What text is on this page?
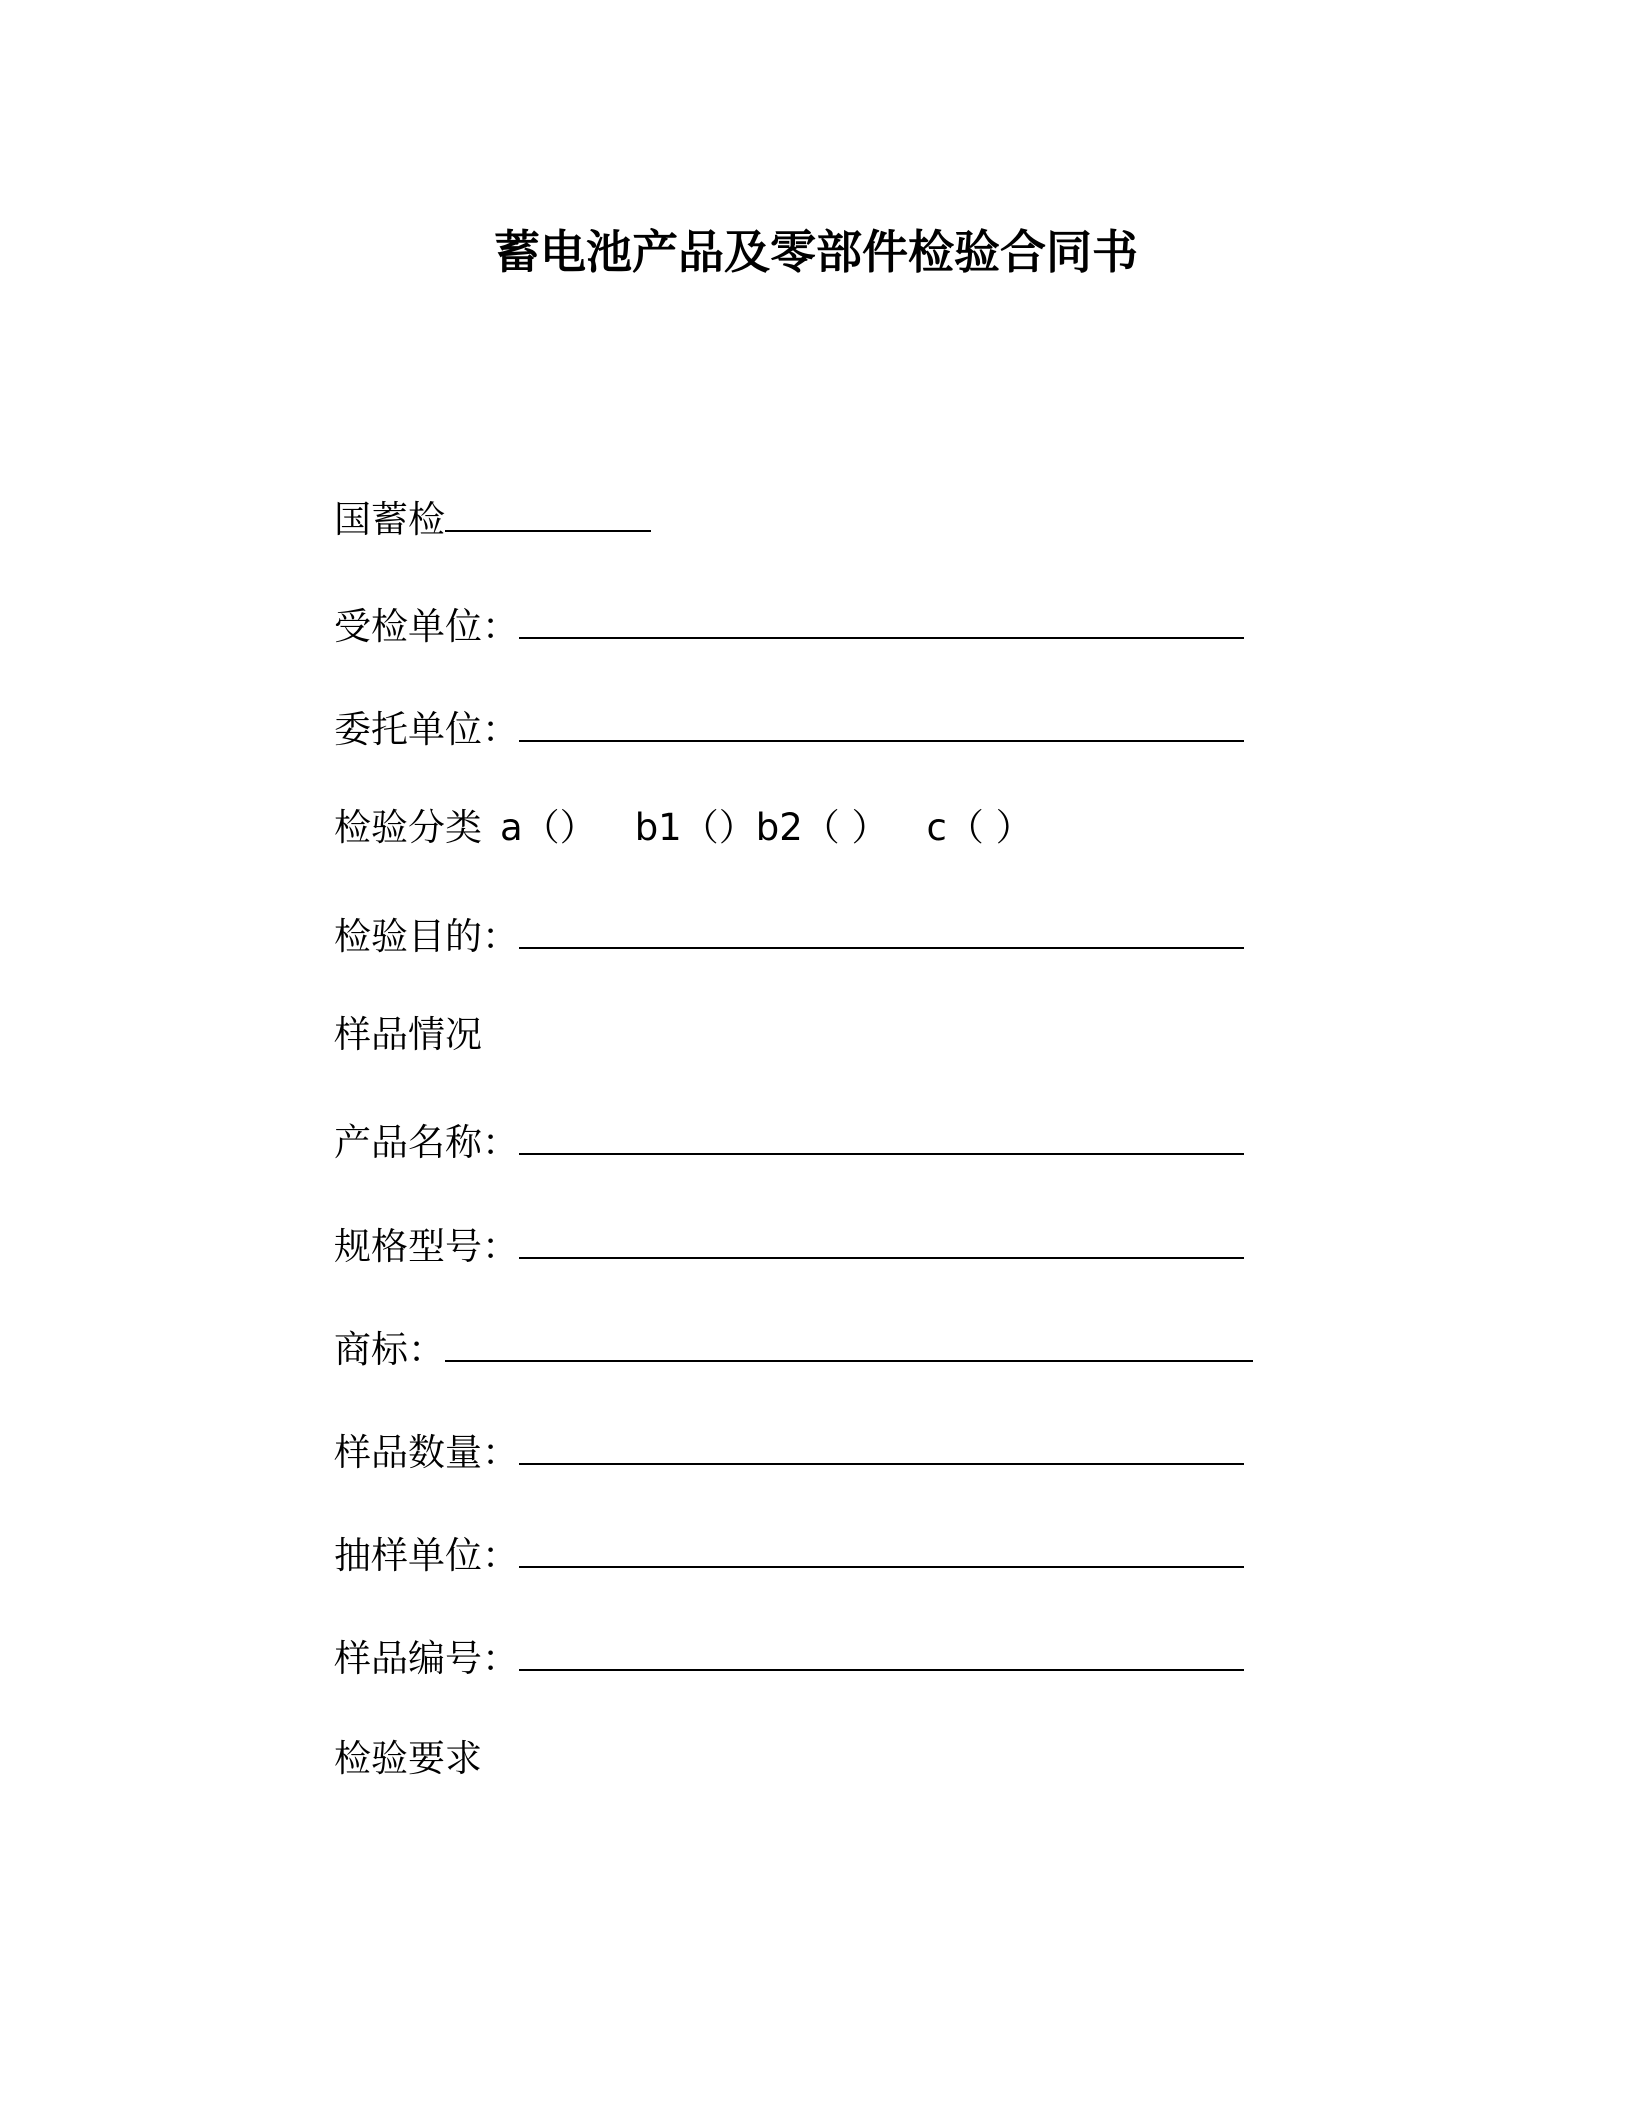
蓄电池产品及零部件检验合同书
国蓄检
受检单位：
委托单位：
检验分类 a（） b1（）b2（ ） c（ ）
检验目的：
样品情况
产品名称：
规格型号：
商标：
样品数量：
抽样单位：
样品编号：
检验要求
